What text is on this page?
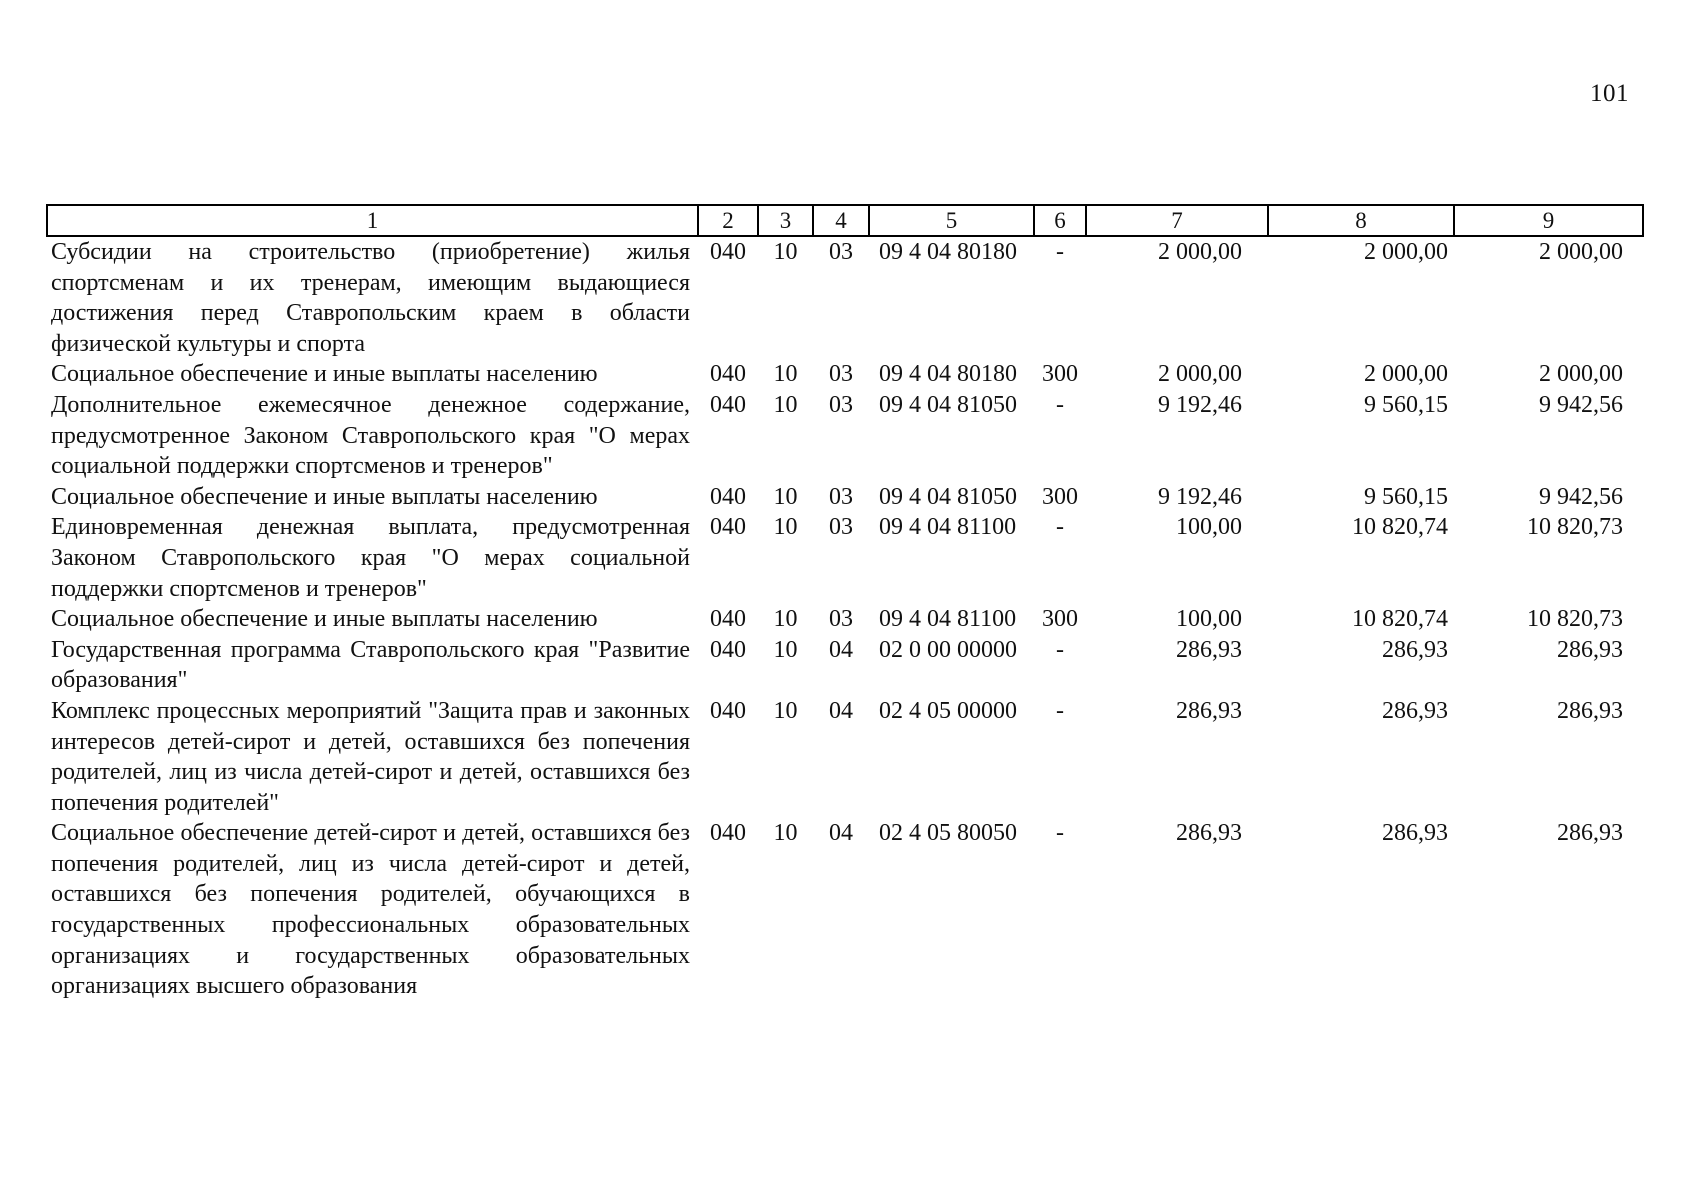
101
1	2	3	4	5	6	7	8	9
Субсидии на строительство (приобретение) жилья спортсменам и их тренерам, имеющим выдающиеся достижения перед Ставропольским краем в области физической культуры и спорта	040	10	03	09 4 04 80180	-	2 000,00	2 000,00	2 000,00
Социальное обеспечение и иные выплаты населению	040	10	03	09 4 04 80180	300	2 000,00	2 000,00	2 000,00
Дополнительное ежемесячное денежное содержание, предусмотренное Законом Ставропольского края "О мерах социальной поддержки спортсменов и тренеров"	040	10	03	09 4 04 81050	-	9 192,46	9 560,15	9 942,56
Социальное обеспечение и иные выплаты населению	040	10	03	09 4 04 81050	300	9 192,46	9 560,15	9 942,56
Единовременная денежная выплата, предусмотренная Законом Ставропольского края "О мерах социальной поддержки спортсменов и тренеров"	040	10	03	09 4 04 81100	-	100,00	10 820,74	10 820,73
Социальное обеспечение и иные выплаты населению	040	10	03	09 4 04 81100	300	100,00	10 820,74	10 820,73
Государственная программа Ставропольского края "Развитие образования"	040	10	04	02 0 00 00000	-	286,93	286,93	286,93
Комплекс процессных мероприятий "Защита прав и законных интересов детей-сирот и детей, оставшихся без попечения родителей, лиц из числа детей-сирот и детей, оставшихся без попечения родителей"	040	10	04	02 4 05 00000	-	286,93	286,93	286,93
Социальное обеспечение детей-сирот и детей, оставшихся без попечения родителей, лиц из числа детей-сирот и детей, оставшихся без попечения родителей, обучающихся в государственных профессиональных образовательных организациях и государственных образовательных организациях высшего образования	040	10	04	02 4 05 80050	-	286,93	286,93	286,93
